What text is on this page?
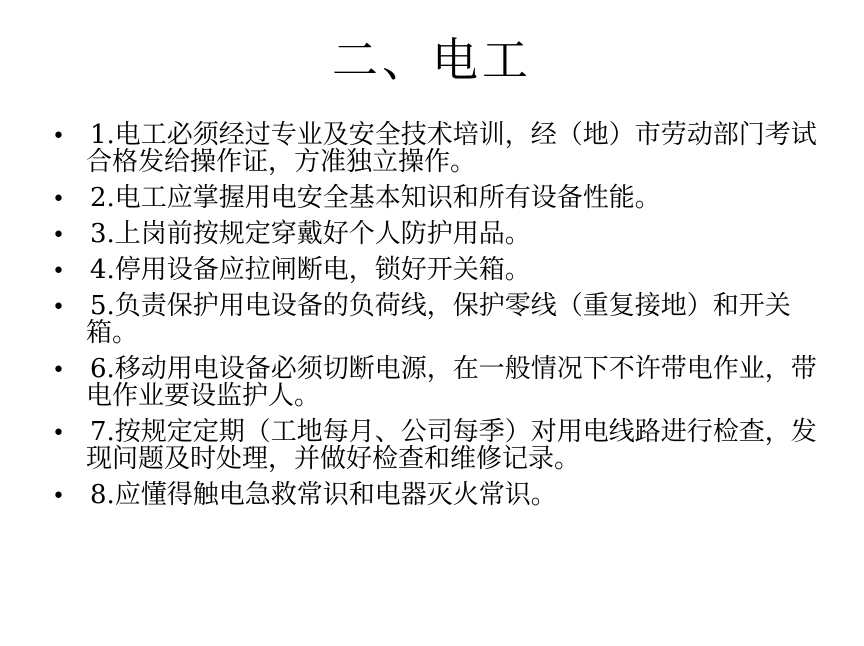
二、电工
• 1.电工必须经过专业及安全技术培训，经（地）市劳动部门考试合格发给操作证，方准独立操作。
• 2.电工应掌握用电安全基本知识和所有设备性能。
• 3.上岗前按规定穿戴好个人防护用品。
• 4.停用设备应拉闸断电，锁好开关箱。
• 5.负责保护用电设备的负荷线，保护零线（重复接地）和开关箱。
• 6.移动用电设备必须切断电源，在一般情况下不许带电作业，带电作业要设监护人。
• 7.按规定定期（工地每月、公司每季）对用电线路进行检查，发现问题及时处理，并做好检查和维修记录。
• 8.应懂得触电急救常识和电器灭火常识。
